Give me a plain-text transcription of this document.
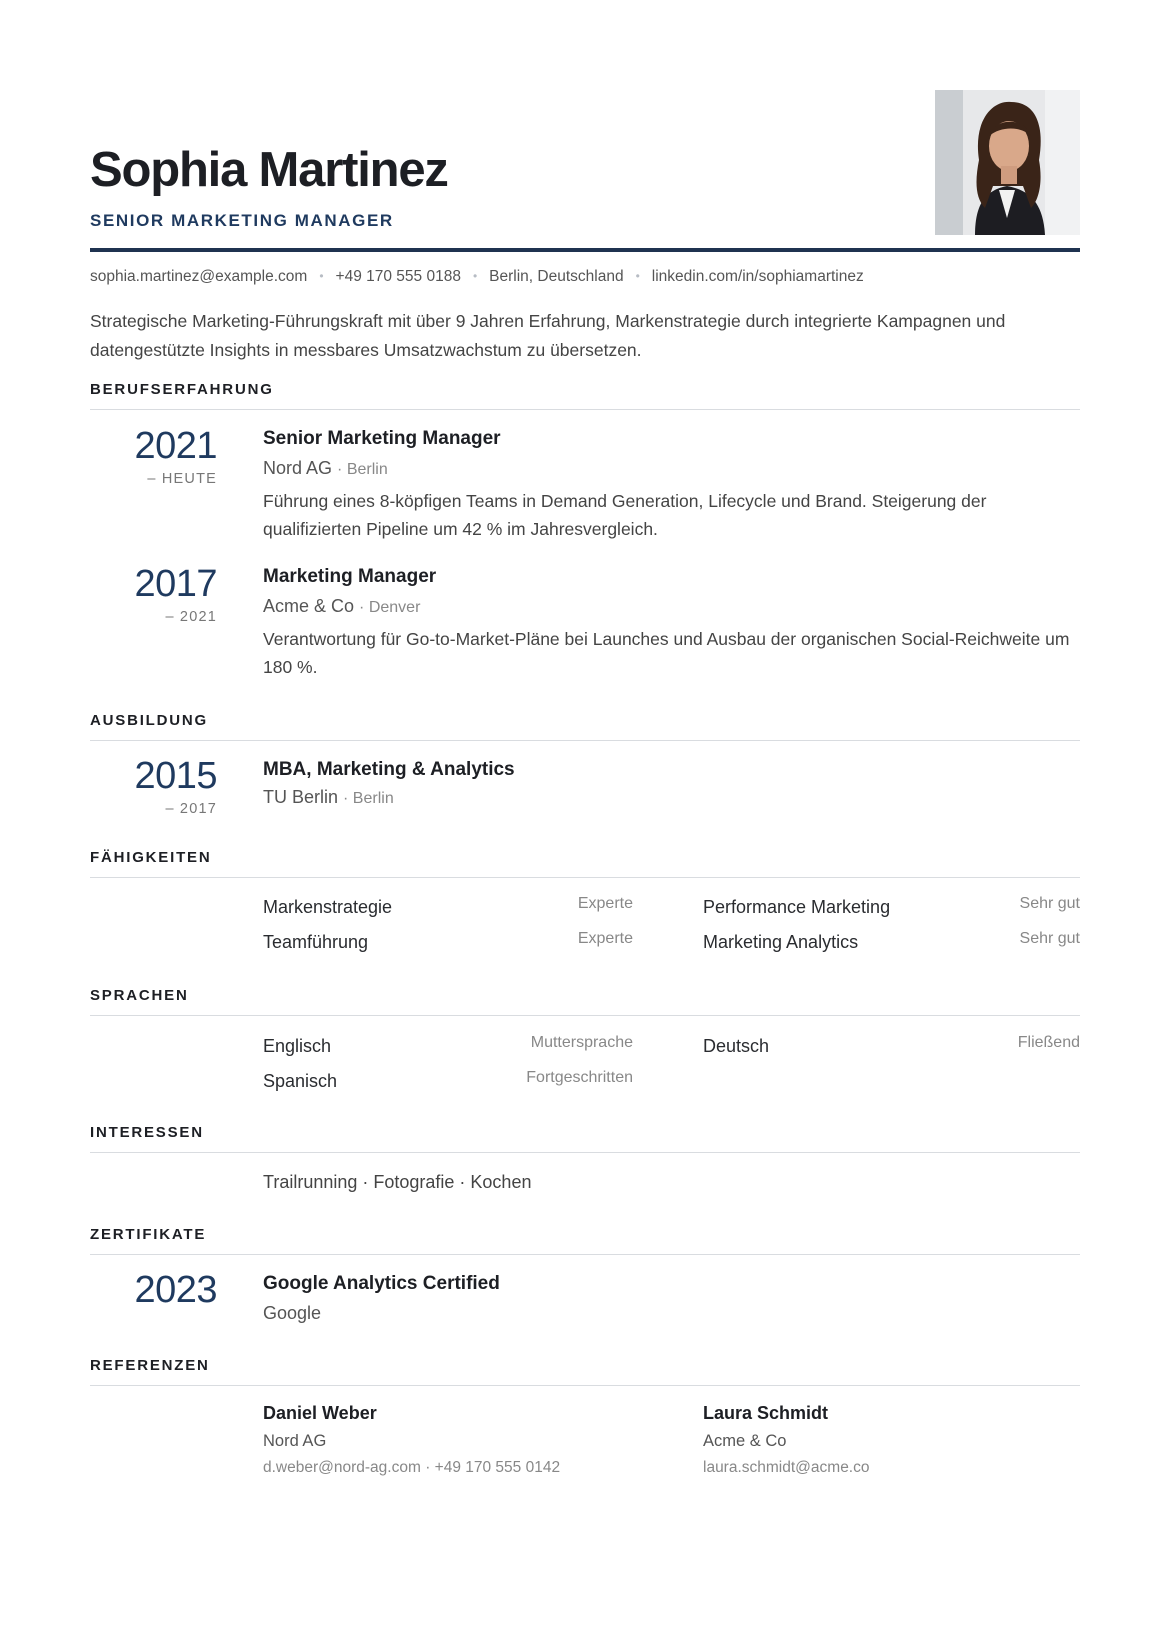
Sophia Martinez
SENIOR MARKETING MANAGER
sophia.martinez@example.com • +49 170 555 0188 • Berlin, Deutschland • linkedin.com/in/sophiamartinez

Strategische Marketing-Führungskraft mit über 9 Jahren Erfahrung, Markenstrategie durch integrierte Kampagnen und datengestützte Insights in messbares Umsatzwachstum zu übersetzen.

BERUFSERFAHRUNG
2021
– HEUTE
Senior Marketing Manager
Nord AG · Berlin
Führung eines 8-köpfigen Teams in Demand Generation, Lifecycle und Brand. Steigerung der qualifizierten Pipeline um 42 % im Jahresvergleich.
2017
– 2021
Marketing Manager
Acme & Co · Denver
Verantwortung für Go-to-Market-Pläne bei Launches und Ausbau der organischen Social-Reichweite um 180 %.
AUSBILDUNG
2015
– 2017
MBA, Marketing & Analytics
TU Berlin · Berlin
FÄHIGKEITEN
Markenstrategie	Experte	Performance Marketing	Sehr gut
Teamführung	Experte	Marketing Analytics	Sehr gut
SPRACHEN
Englisch	Muttersprache	Deutsch	Fließend
Spanisch	Fortgeschritten
INTERESSEN
Trailrunning · Fotografie · Kochen
ZERTIFIKATE
2023 Google Analytics Certified
Google
REFERENZEN
Daniel Weber
Nord AG
d.weber@nord-ag.com · +49 170 555 0142
Laura Schmidt
Acme & Co
laura.schmidt@acme.co
